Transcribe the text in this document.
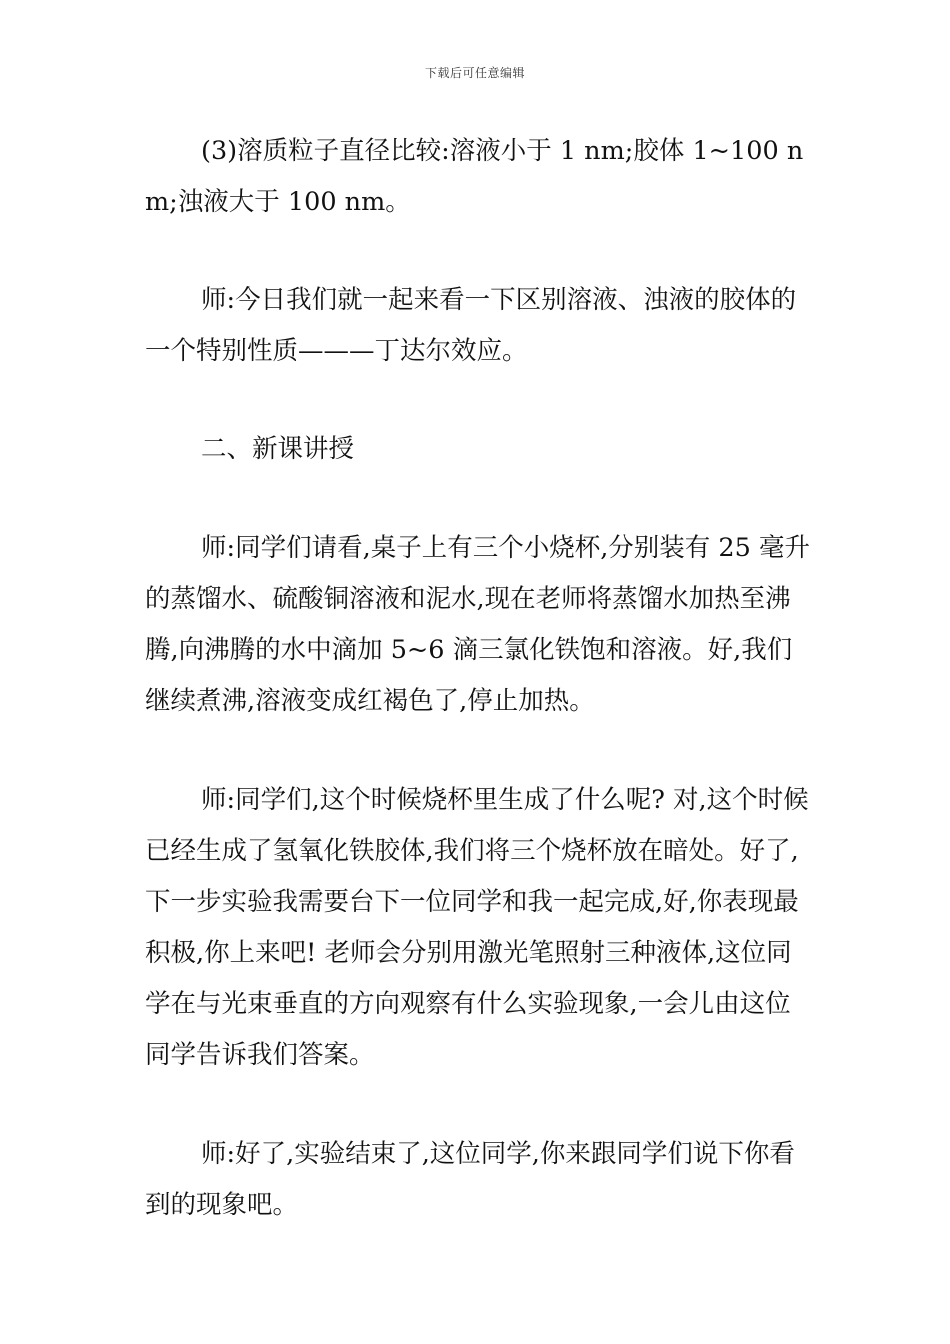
下载后可任意编辑

(3)溶质粒子直径比较:溶液小于 1 nm;胶体 1~100 nm;浊液大于 100 nm。

师:今日我们就一起来看一下区别溶液、浊液的胶体的一个特别性质———丁达尔效应。

二、新课讲授

师:同学们请看,桌子上有三个小烧杯,分别装有 25 毫升的蒸馏水、硫酸铜溶液和泥水,现在老师将蒸馏水加热至沸腾,向沸腾的水中滴加 5~6 滴三氯化铁饱和溶液。好,我们继续煮沸,溶液变成红褐色了,停止加热。

师:同学们,这个时候烧杯里生成了什么呢? 对,这个时候已经生成了氢氧化铁胶体,我们将三个烧杯放在暗处。好了,下一步实验我需要台下一位同学和我一起完成,好,你表现最积极,你上来吧! 老师会分别用激光笔照射三种液体,这位同学在与光束垂直的方向观察有什么实验现象,一会儿由这位同学告诉我们答案。

师:好了,实验结束了,这位同学,你来跟同学们说下你看到的现象吧。
